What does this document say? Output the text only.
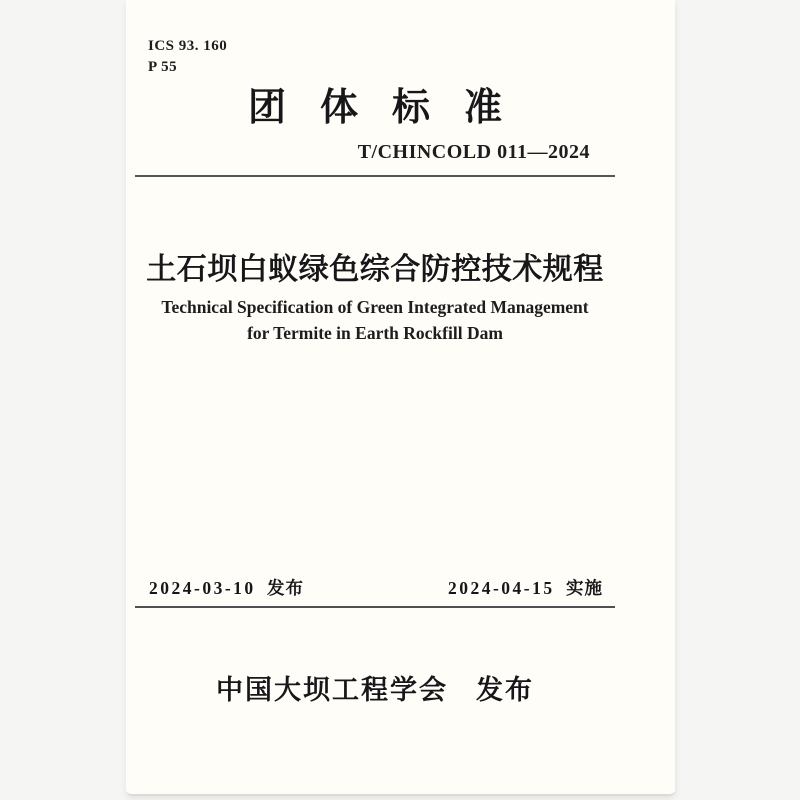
ICS 93. 160
P 55
团体标准
T/CHINCOLD 011—2024
土石坝白蚁绿色综合防控技术规程
Technical Specification of Green Integrated Management
for Termite in Earth Rockfill Dam
2024-03-10 发布	2024-04-15 实施
中国大坝工程学会 发布
